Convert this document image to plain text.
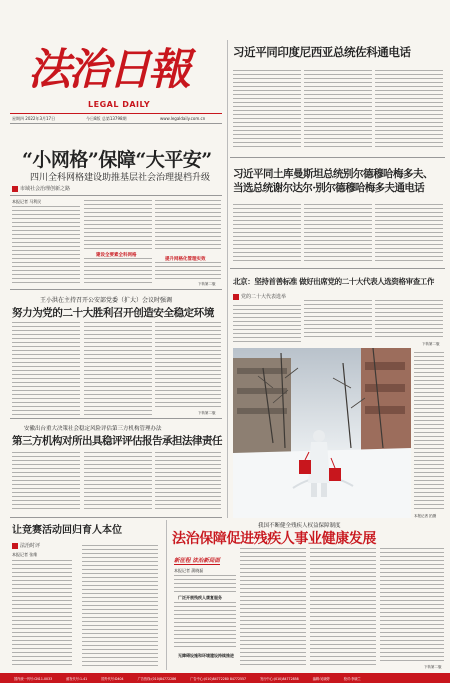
法治日報
LEGAL DAILY
星期四 2022年3月17日	今日8版 总第13798期	www.legaldaily.com.cn
“小网格”保障“大平安”
四川全科网格建设助推基层社会治理提档升级
市域社会治理创新之路
本报记者 马利民
建设全要素全科网格
提升网格化管理实效
下转第二版
王小洪在主持召开公安部党委（扩大）会议时强调
努力为党的二十大胜利召开创造安全稳定环境
下转第二版
安徽出台重大决策社会稳定风险评估第三方机构管理办法
第三方机构对所出具稳评评估报告承担法律责任
让竞赛活动回归育人本位
法治时评
本报记者 张维
习近平同印度尼西亚总统佐科通电话
习近平同土库曼斯坦总统别尔德穆哈梅多夫、
当选总统谢尔达尔·别尔德穆哈梅多夫通电话
北京：坚持首善标准 做好出席党的二十大代表人选资格审查工作
党的二十大代表选举
下转第二版
本报记者 拍摄
我国不断健全残疾人权益保障制度
法治保障促进残疾人事业健康发展
新征程 法治新局面
本报记者 蒲晓磊
广泛开展残疾人康复服务
无障碍设施和环境建设持续推进
下转第二版
国内统一刊号:CN11-0033	邮发代号:1-41	国外代号:D404	广告热线:(010)84772286	广告中心:(010)84772280 84772557	发行中心:(010)84772858	编辑:吴晓婷	校对:李晓兰
